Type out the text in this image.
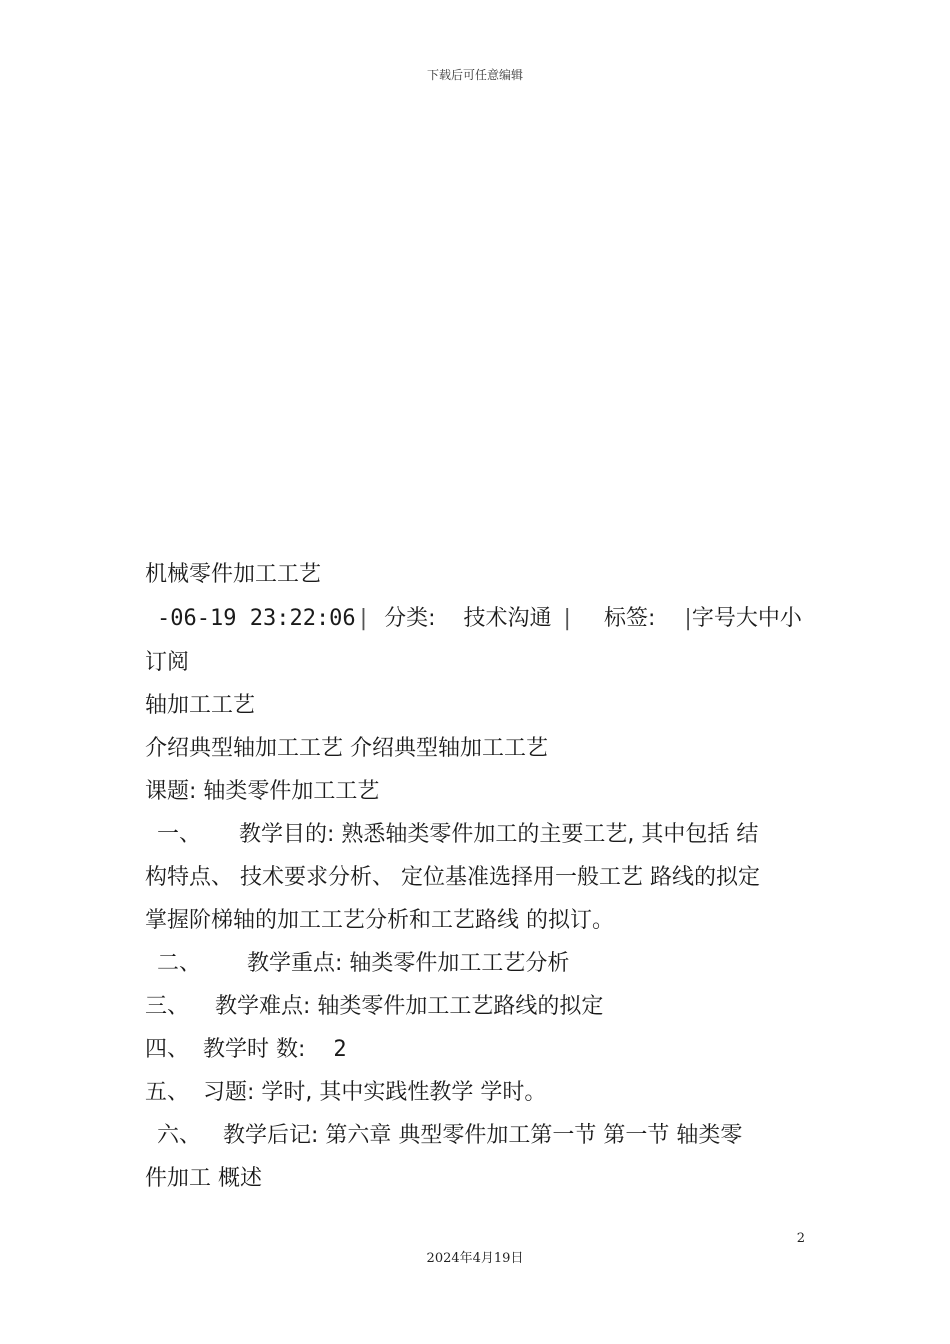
下载后可任意编辑
机械零件加工工艺
-06-19 23:22:06 | 分类: 技术沟通 | 标签: |字号大中小
订阅
轴加工工艺
介绍典型轴加工工艺 介绍典型轴加工工艺
课题: 轴类零件加工工艺
一、 教学目的: 熟悉轴类零件加工的主要工艺, 其中包括 结
构特点、 技术要求分析、 定位基准选择用一般工艺 路线的拟定
掌握阶梯轴的加工工艺分析和工艺路线 的拟订。
二、 教学重点: 轴类零件加工工艺分析
三、 教学难点: 轴类零件加工工艺路线的拟定
四、 教学时 数: 2
五、 习题: 学时, 其中实践性教学 学时。
六、 教学后记: 第六章 典型零件加工第一节 第一节 轴类零
件加工 概述
2
2024年4月19日
